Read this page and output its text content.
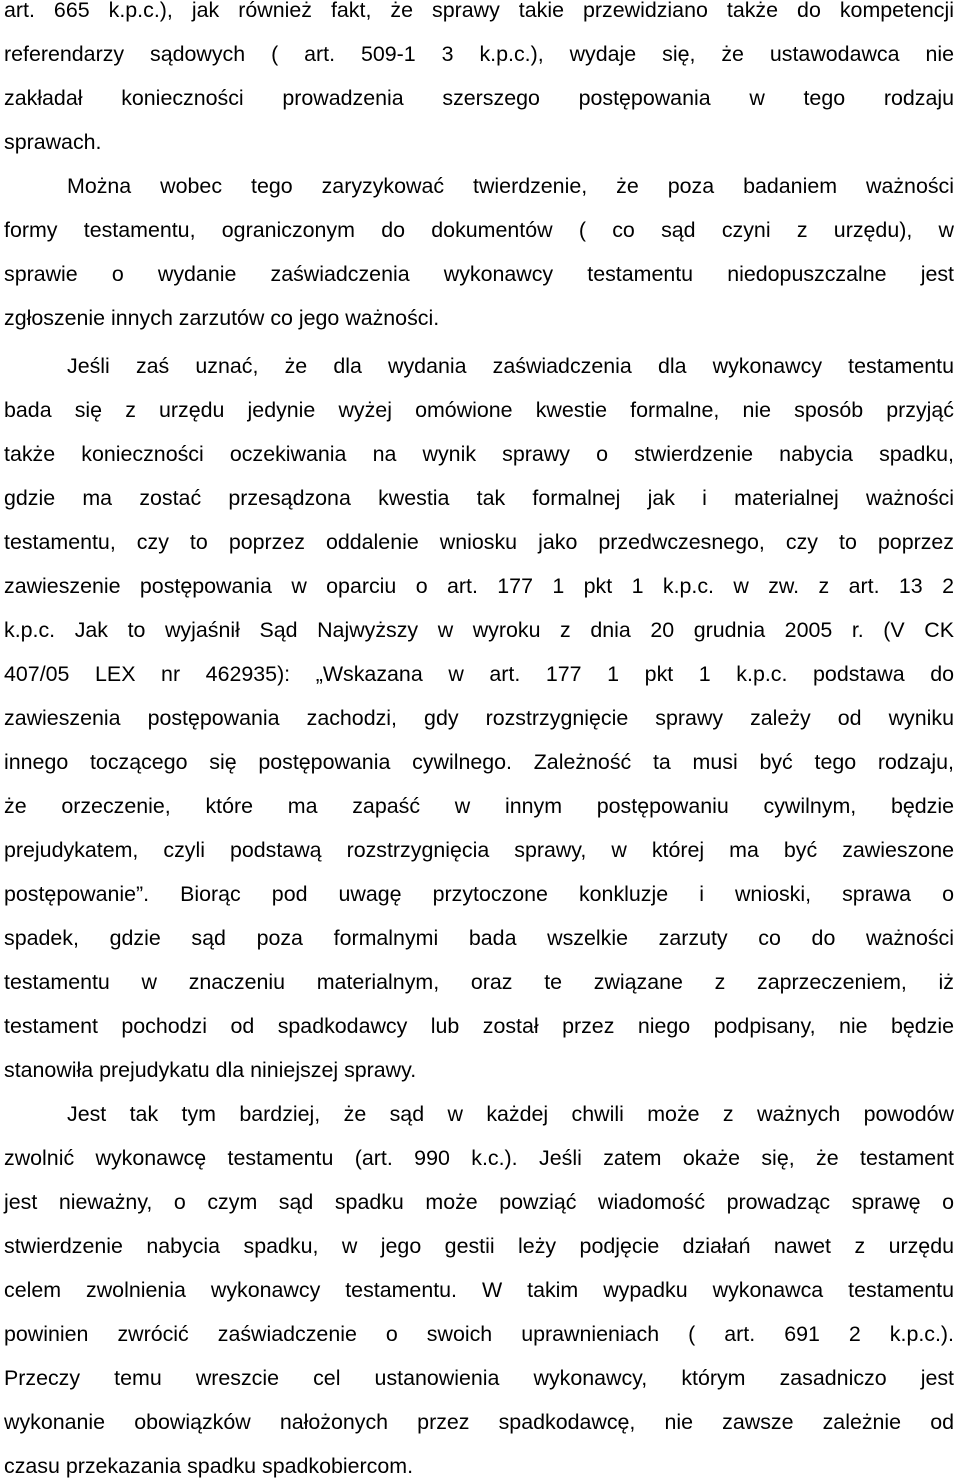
art. 665 k.p.c.), jak również fakt, że sprawy takie przewidziano także do kompetencji
referendarzy sądowych ( art. 509-1 3 k.p.c.), wydaje się, że ustawodawca nie
zakładał konieczności prowadzenia szerszego postępowania w tego rodzaju
sprawach.
Można wobec tego zaryzykować twierdzenie, że poza badaniem ważności
formy testamentu, ograniczonym do dokumentów ( co sąd czyni z urzędu), w
sprawie o wydanie zaświadczenia wykonawcy testamentu niedopuszczalne jest
zgłoszenie innych zarzutów co jego ważności.
Jeśli zaś uznać, że dla wydania zaświadczenia dla wykonawcy testamentu
bada się z urzędu jedynie wyżej omówione kwestie formalne, nie sposób przyjąć
także konieczności oczekiwania na wynik sprawy o stwierdzenie nabycia spadku,
gdzie ma zostać przesądzona kwestia tak formalnej jak i materialnej ważności
testamentu, czy to poprzez oddalenie wniosku jako przedwczesnego, czy to poprzez
zawieszenie postępowania w oparciu o art. 177 1 pkt 1 k.p.c. w zw. z art. 13 2
k.p.c. Jak to wyjaśnił Sąd Najwyższy w wyroku z dnia 20 grudnia 2005 r. (V CK
407/05 LEX nr 462935): „Wskazana w art. 177 1 pkt 1 k.p.c. podstawa do
zawieszenia postępowania zachodzi, gdy rozstrzygnięcie sprawy zależy od wyniku
innego toczącego się postępowania cywilnego. Zależność ta musi być tego rodzaju,
że orzeczenie, które ma zapaść w innym postępowaniu cywilnym, będzie
prejudykatem, czyli podstawą rozstrzygnięcia sprawy, w której ma być zawieszone
postępowanie”. Biorąc pod uwagę przytoczone konkluzje i wnioski, sprawa o
spadek, gdzie sąd poza formalnymi bada wszelkie zarzuty co do ważności
testamentu w znaczeniu materialnym, oraz te związane z zaprzeczeniem, iż
testament pochodzi od spadkodawcy lub został przez niego podpisany, nie będzie
stanowiła prejudykatu dla niniejszej sprawy.
Jest tak tym bardziej, że sąd w każdej chwili może z ważnych powodów
zwolnić wykonawcę testamentu (art. 990 k.c.). Jeśli zatem okaże się, że testament
jest nieważny, o czym sąd spadku może powziąć wiadomość prowadząc sprawę o
stwierdzenie nabycia spadku, w jego gestii leży podjęcie działań nawet z urzędu
celem zwolnienia wykonawcy testamentu. W takim wypadku wykonawca testamentu
powinien zwrócić zaświadczenie o swoich uprawnieniach ( art. 691 2 k.p.c.).
Przeczy temu wreszcie cel ustanowienia wykonawcy, którym zasadniczo jest
wykonanie obowiązków nałożonych przez spadkodawcę, nie zawsze zależnie od
czasu przekazania spadku spadkobiercom.
